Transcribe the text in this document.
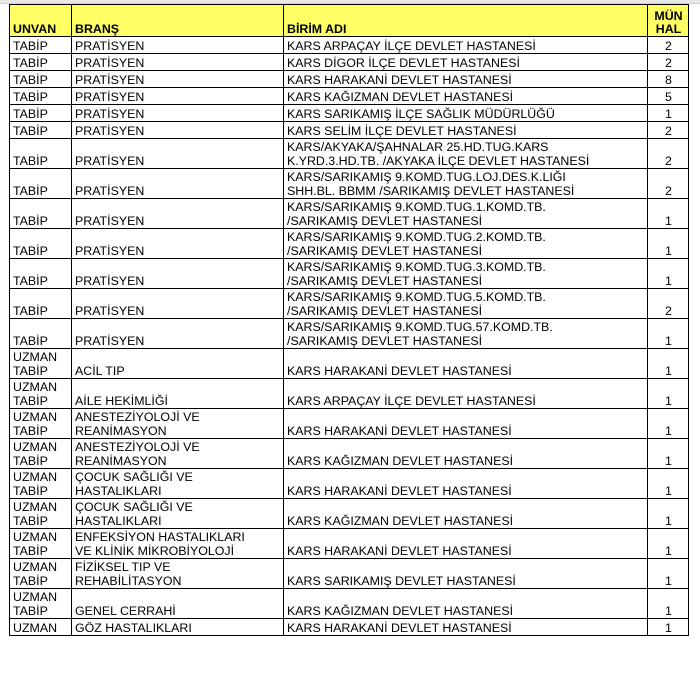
UNVAN	BRANŞ	BİRİM ADI	MÜN
HAL
TABİP	PRATİSYEN	KARS ARPAÇAY İLÇE DEVLET HASTANESİ	2
TABİP	PRATİSYEN	KARS DİGOR İLÇE DEVLET HASTANESİ	2
TABİP	PRATİSYEN	KARS HARAKANİ DEVLET HASTANESİ	8
TABİP	PRATİSYEN	KARS KAĞIZMAN DEVLET HASTANESİ	5
TABİP	PRATİSYEN	KARS SARIKAMIŞ İLÇE SAĞLIK MÜDÜRLÜĞÜ	1
TABİP	PRATİSYEN	KARS SELİM İLÇE DEVLET HASTANESİ	2
TABİP	PRATİSYEN	KARS/AKYAKA/ŞAHNALAR 25.HD.TUG.KARS
K.YRD.3.HD.TB. /AKYAKA İLÇE DEVLET HASTANESİ	2
TABİP	PRATİSYEN	KARS/SARIKAMIŞ 9.KOMD.TUG.LOJ.DES.K.LIĞI
SHH.BL. BBMM /SARIKAMIŞ DEVLET HASTANESİ	2
TABİP	PRATİSYEN	KARS/SARIKAMIŞ 9.KOMD.TUG.1.KOMD.TB.
/SARIKAMIŞ DEVLET HASTANESİ	1
TABİP	PRATİSYEN	KARS/SARIKAMIŞ 9.KOMD.TUG.2.KOMD.TB.
/SARIKAMIŞ DEVLET HASTANESİ	1
TABİP	PRATİSYEN	KARS/SARIKAMIŞ 9.KOMD.TUG.3.KOMD.TB.
/SARIKAMIŞ DEVLET HASTANESİ	1
TABİP	PRATİSYEN	KARS/SARIKAMIŞ 9.KOMD.TUG.5.KOMD.TB.
/SARIKAMIŞ DEVLET HASTANESİ	2
TABİP	PRATİSYEN	KARS/SARIKAMIŞ 9.KOMD.TUG.57.KOMD.TB.
/SARIKAMIŞ DEVLET HASTANESİ	1
UZMAN
TABİP	ACİL TIP	KARS HARAKANİ DEVLET HASTANESİ	1
UZMAN
TABİP	AİLE HEKİMLİĞİ	KARS ARPAÇAY İLÇE DEVLET HASTANESİ	1
UZMAN
TABİP	ANESTEZİYOLOJİ VE
REANİMASYON	KARS HARAKANİ DEVLET HASTANESİ	1
UZMAN
TABİP	ANESTEZİYOLOJİ VE
REANİMASYON	KARS KAĞIZMAN DEVLET HASTANESİ	1
UZMAN
TABİP	ÇOCUK SAĞLIĞI VE
HASTALIKLARI	KARS HARAKANİ DEVLET HASTANESİ	1
UZMAN
TABİP	ÇOCUK SAĞLIĞI VE
HASTALIKLARI	KARS KAĞIZMAN DEVLET HASTANESİ	1
UZMAN
TABİP	ENFEKSİYON HASTALIKLARI
VE KLİNİK MİKROBİYOLOJİ	KARS HARAKANİ DEVLET HASTANESİ	1
UZMAN
TABİP	FİZİKSEL TIP VE
REHABİLİTASYON	KARS SARIKAMIŞ DEVLET HASTANESİ	1
UZMAN
TABİP	GENEL CERRAHİ	KARS KAĞIZMAN DEVLET HASTANESİ	1
UZMAN	GÖZ HASTALIKLARI	KARS HARAKANİ DEVLET HASTANESİ	1
